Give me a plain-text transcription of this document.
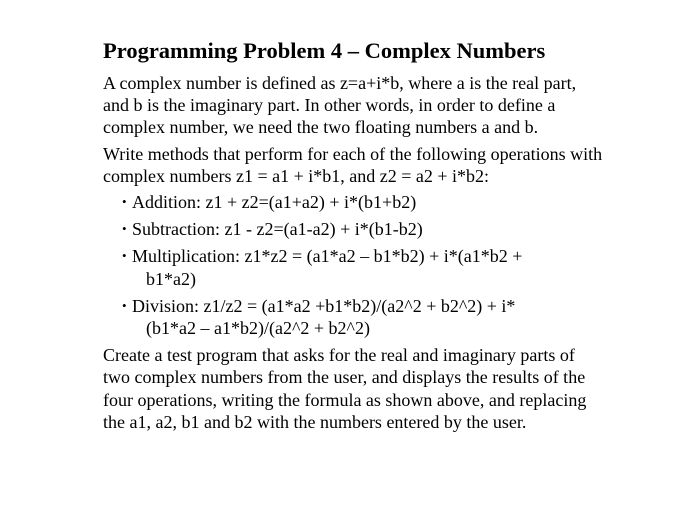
Programming Problem 4 – Complex Numbers

A complex number is defined as z=a+i*b, where a is the real part, and b is the imaginary part. In other words, in order to define a complex number, we need the two floating numbers a and b.

Write methods that perform for each of the following operations with complex numbers z1 = a1 + i*b1, and z2 = a2 + i*b2:

• Addition: z1 + z2=(a1+a2) + i*(b1+b2)
• Subtraction: z1 - z2=(a1-a2) + i*(b1-b2)
• Multiplication: z1*z2 = (a1*a2 – b1*b2) + i*(a1*b2 +
b1*a2)
• Division: z1/z2 = (a1*a2 +b1*b2)/(a2^2 + b2^2) + i*
(b1*a2 – a1*b2)/(a2^2 + b2^2)

Create a test program that asks for the real and imaginary parts of two complex numbers from the user, and displays the results of the four operations, writing the formula as shown above, and replacing the a1, a2, b1 and b2 with the numbers entered by the user.
